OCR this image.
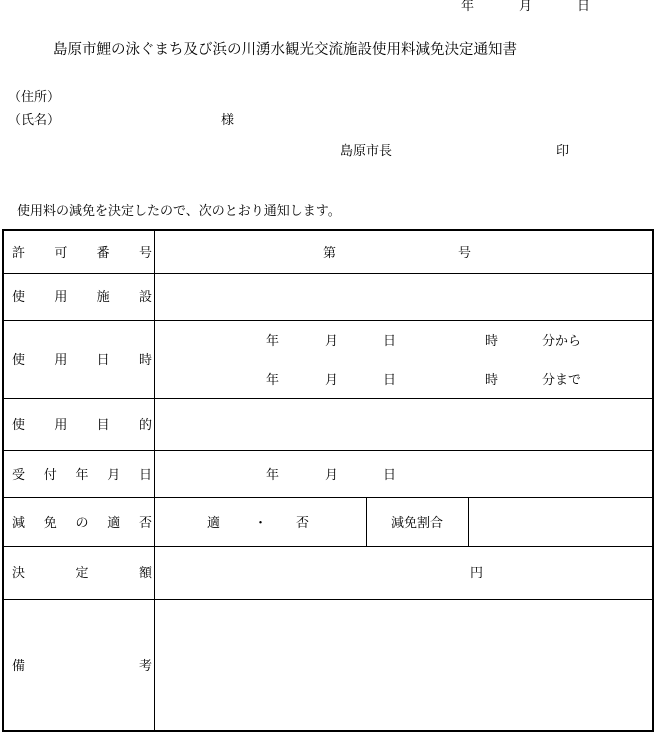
年	月	日
島原市鯉の泳ぐまち及び浜の川湧水観光交流施設使用料減免決定通知書
（住所）
（氏名）	様
島原市長	印
使用料の減免を決定したので、次のとおり通知します。
許 可 番 号	第	号
使 用 施 設
使 用 日 時
年	月	日	時	分から
年	月	日	時	分まで
使 用 目 的
受 付 年 月 日	年	月	日
減 免 の 適 否	適	・ 否	減免割合
決	定	額	円
備	考
